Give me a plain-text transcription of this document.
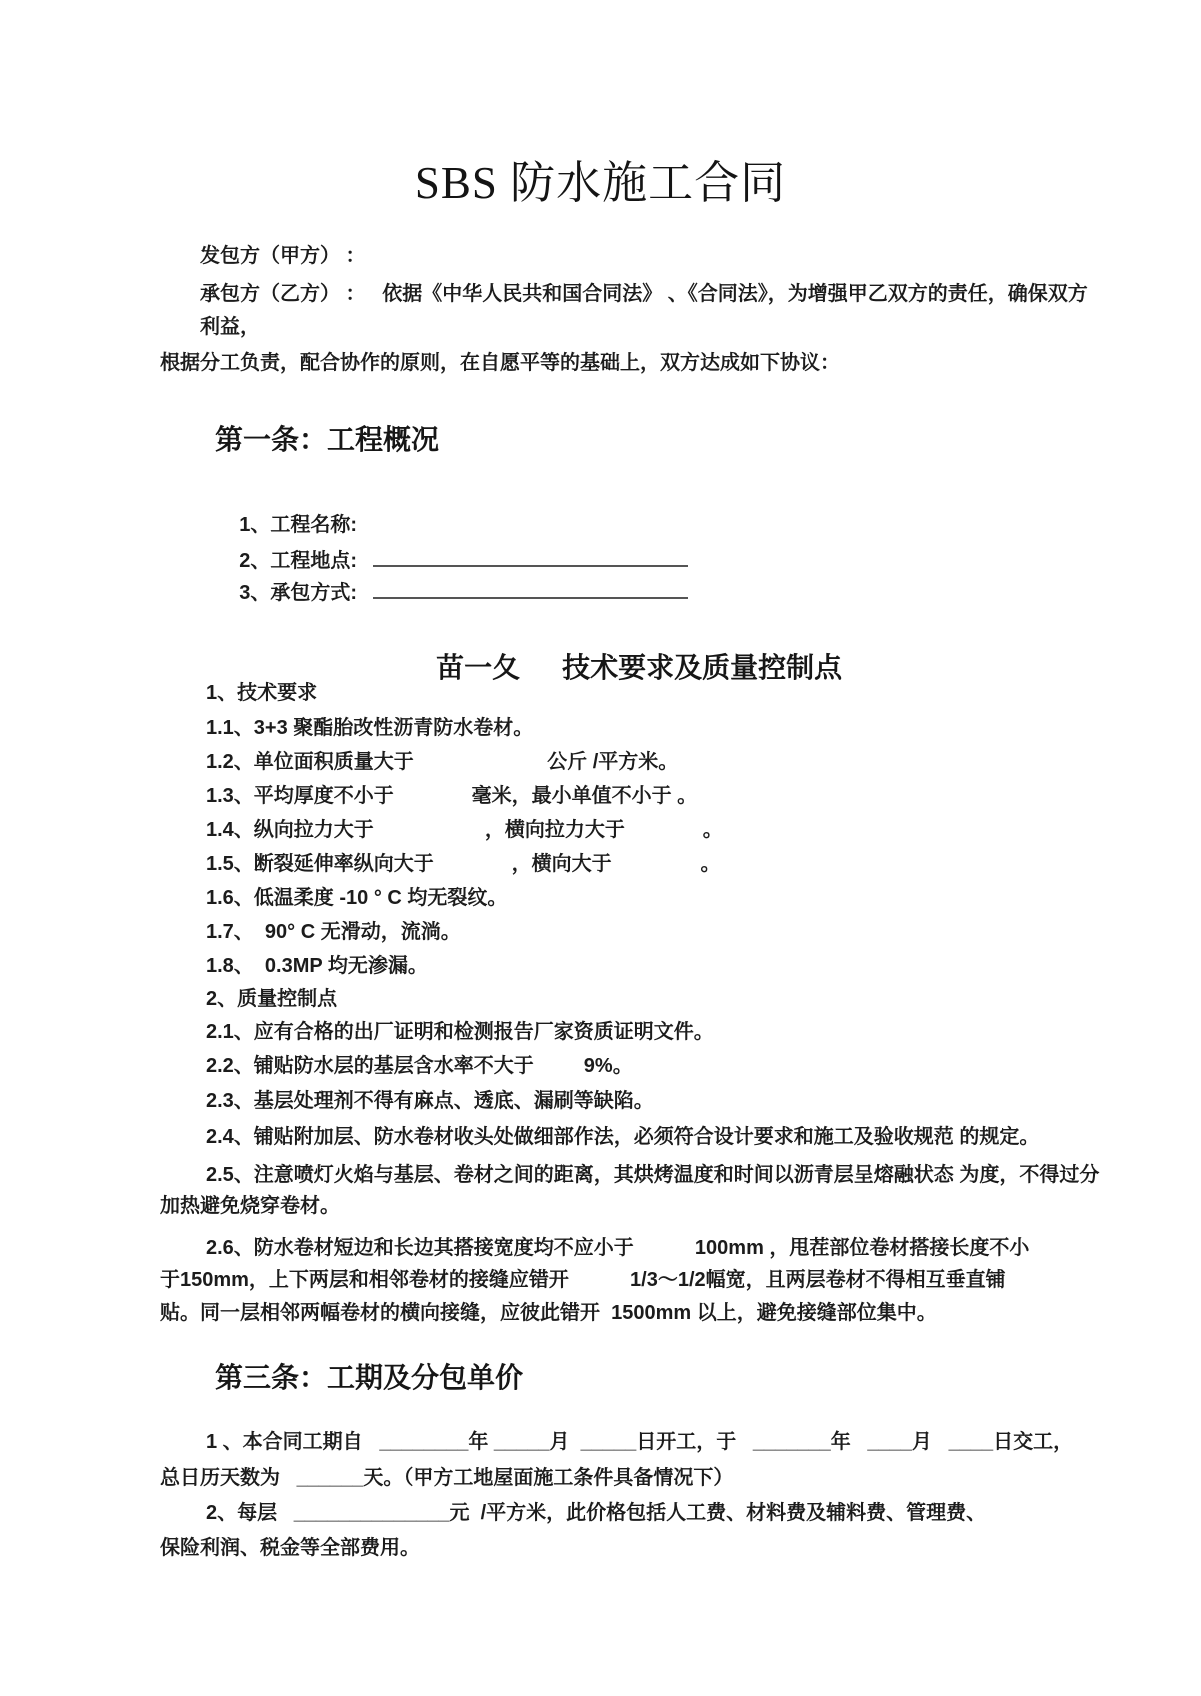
SBS 防水施工合同
发包方（甲方） ：
承包方（乙方） ：   依据《中华人民共和国合同法》 、《合同法》，为增强甲乙双方的责任，确保双方
利益，
根据分工负责，配合协作的原则，在自愿平等的基础上，双方达成如下协议：
第一条：工程概况

1、工程名称:

2、工程地点:

3、承包方式:

苗一夂 技术要求及质量控制点

1、技术要求
1.1、3+3 聚酯胎改性沥青防水卷材。
1.2、单位面积质量大于                        公斤 /平方米。
1.3、平均厚度不小于              毫米，最小单值不小于 。
1.4、纵向拉力大于                    ，横向拉力大于              。
1.5、断裂延伸率纵向大于              ，横向大于                。
1.6、低温柔度 -10 ° C 均无裂纹。
1.7、  90° C 无滑动，流淌。
1.8、  0.3MP 均无渗漏。
2、质量控制点
2.1、应有合格的出厂证明和检测报告厂家资质证明文件。
2.2、铺贴防水层的基层含水率不大于         9%。
2.3、基层处理剂不得有麻点、透底、漏刷等缺陷。
2.4、铺贴附加层、防水卷材收头处做细部作法，必须符合设计要求和施工及验收规范 的规定。
2.5、注意喷灯火焰与基层、卷材之间的距离，其烘烤温度和时间以沥青层呈熔融状态 为度，不得过分
加热避免烧穿卷材。
2.6、防水卷材短边和长边其搭接宽度均不应小于           100mm ，甩茬部位卷材搭接长度不小
于150mm，上下两层和相邻卷材的接缝应错开           1/3～1/2幅宽，且两层卷材不得相互垂直铺
贴。同一层相邻两幅卷材的横向接缝，应彼此错开  1500mm 以上，避免接缝部位集中。
第三条：工期及分包单价
1 、本合同工期自   ________年 _____月  _____日开工，于   _______年   ____月   ____日交工，
总日历天数为   ______天。（甲方工地屋面施工条件具备情况下）
2、每层   ______________元  /平方米，此价格包括人工费、材料费及辅料费、管理费、
保险利润、税金等全部费用。
